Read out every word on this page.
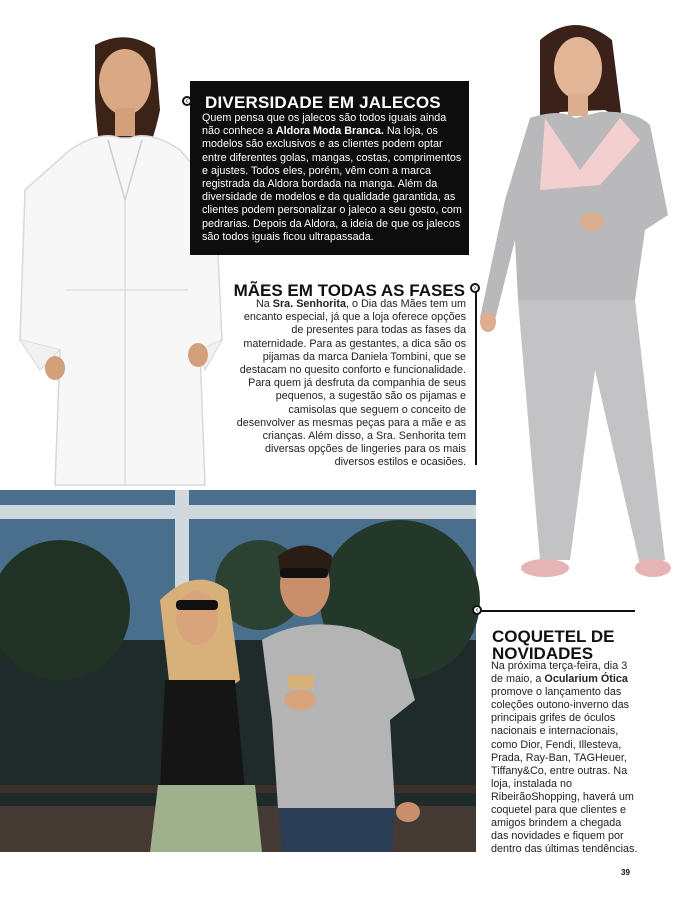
DIVERSIDADE EM JALECOS
Quem pensa que os jalecos são todos iguais ainda não conhece a Aldora Moda Branca. Na loja, os modelos são exclusivos e as clientes podem optar entre diferentes golas, mangas, costas, comprimentos e ajustes. Todos eles, porém, vêm com a marca registrada da Aldora bordada na manga. Além da diversidade de modelos e da qualidade garantida, as clientes podem personalizar o jaleco a seu gosto, com pedrarias. Depois da Aldora, a ideia de que os jalecos são todos iguais ficou ultrapassada.
‹
MÃES EM TODAS AS FASES
Na Sra. Senhorita, o Dia das Mães tem um encanto especial, já que a loja oferece opções de presentes para todas as fases da maternidade. Para as gestantes, a dica são os pijamas da marca Daniela Tombini, que se destacam no quesito conforto e funcionalidade. Para quem já desfruta da companhia de seus pequenos, a sugestão são os pijamas e camisolas que seguem o conceito de desenvolver as mesmas peças para a mãe e as crianças. Além disso, a Sra. Senhorita tem diversas opções de lingeries para os mais diversos estilos e ocasiões.
›
‹
COQUETEL DE NOVIDADES
Na próxima terça-feira, dia 3 de maio, a Ocularium Ótica promove o lançamento das coleções outono-inverno das principais grifes de óculos nacionais e internacionais, como Dior, Fendi, Illesteva, Prada, Ray-Ban, TAGHeuer, Tiffany&Co, entre outras. Na loja, instalada no RibeirãoShopping, haverá um coquetel para que clientes e amigos brindem a chegada das novidades e fiquem por dentro das últimas tendências.
39
